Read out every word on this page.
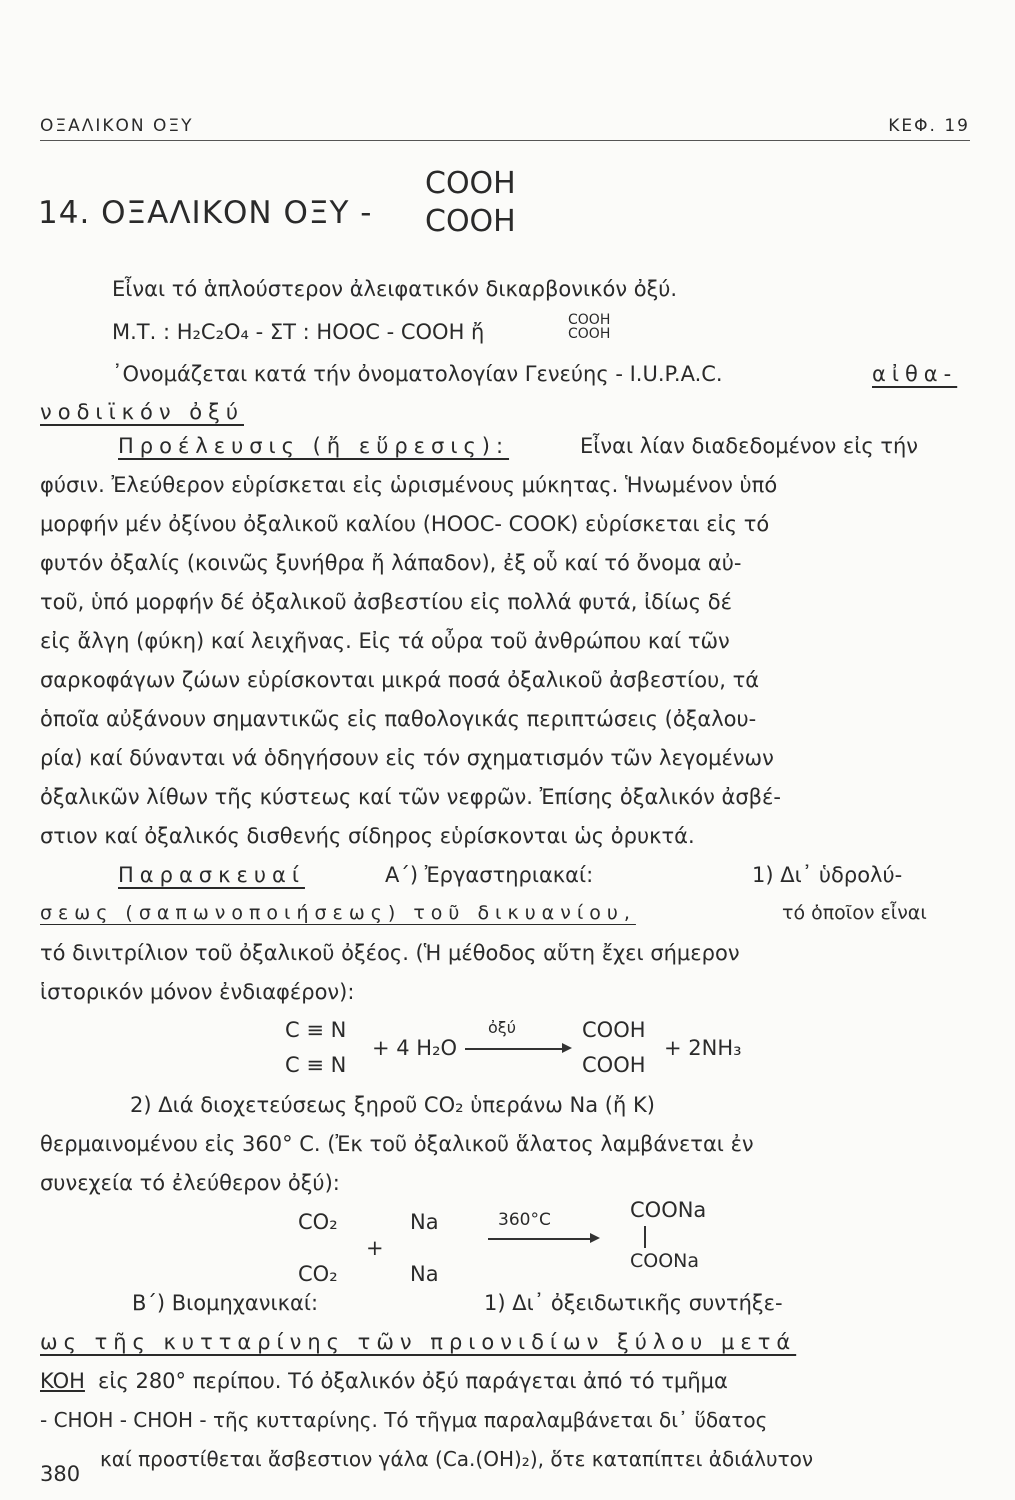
ΟΞΑΛΙΚΟΝ ΟΞΥ	ΚΕΦ. 19
14. ΟΞΑΛΙΚΟΝ ΟΞΥ -
COOH
COOH
Εἶναι τό ἁπλούστερον ἀλειφατικόν δικαρβονικόν ὀξύ.
Μ.Τ. : H₂C₂O₄ - ΣΤ : HOOC - COOH ἤ	COOH
COOH
᾿Ονομάζεται κατά τήν ὀνοματολογίαν Γενεύης - I.U.P.A.C.	αἰθα-
νοδιϊκόν ὀξύ
Προέλευσις (ἤ εὕρεσις):	Εἶναι λίαν διαδεδομένον εἰς τήν
φύσιν. Ἐλεύθερον εὑρίσκεται εἰς ὡρισμένους μύκητας. Ἡνωμένον ὑπό
μορφήν μέν ὀξίνου ὀξαλικοῦ καλίου (HOOC- COOK) εὑρίσκεται εἰς τό
φυτόν ὀξαλίς (κοινῶς ξυνήθρα ἤ λάπαδον), ἐξ οὗ καί τό ὄνομα αὐ-
τοῦ, ὑπό μορφήν δέ ὀξαλικοῦ ἀσβεστίου εἰς πολλά φυτά, ἰδίως δέ
εἰς ἄλγη (φύκη) καί λειχῆνας. Εἰς τά οὖρα τοῦ ἀνθρώπου καί τῶν
σαρκοφάγων ζώων εὑρίσκονται μικρά ποσά ὀξαλικοῦ ἀσβεστίου, τά
ὁποῖα αὐξάνουν σημαντικῶς εἰς παθολογικάς περιπτώσεις (ὀξαλου-
ρία) καί δύνανται νά ὁδηγήσουν εἰς τόν σχηματισμόν τῶν λεγομένων
ὀξαλικῶν λίθων τῆς κύστεως καί τῶν νεφρῶν. Ἐπίσης ὀξαλικόν ἀσβέ-
στιον καί ὀξαλικός δισθενής σίδηρος εὑρίσκονται ὡς ὀρυκτά.
Παρασκευαί	Α´) Ἐργαστηριακαί:	1) Δι᾿ ὑδρολύ-
σεως (σαπωνοποιήσεως) τοῦ δικυανίου,	τό ὁποῖον εἶναι
τό δινιτρίλιον τοῦ ὀξαλικοῦ ὀξέος. (Ἡ μέθοδος αὕτη ἔχει σήμερον
ἱστορικόν μόνον ἐνδιαφέρον):
C ≡ N
C ≡ N
+ 4 H₂O
ὀξύ	COOH
COOH
+ 2NH₃
2) Διά διοχετεύσεως ξηροῦ CO₂ ὑπεράνω Na (ἤ K)
θερμαινομένου εἰς 360° C. (Ἐκ τοῦ ὀξαλικοῦ ἅλατος λαμβάνεται ἐν
συνεχεία τό ἐλεύθερον ὀξύ):
CO₂
CO₂
+
Na
Na
360°C	COONa
COONa
Β´) Βιομηχανικαί:	1) Δι᾿ ὀξειδωτικῆς συντήξε-
ως τῆς κυτταρίνης τῶν πριονιδίων ξύλου μετά
KOH εἰς 280° περίπου. Τό ὀξαλικόν ὀξύ παράγεται ἀπό τό τμῆμα
- CHOH - CHOH - τῆς κυτταρίνης. Τό τῆγμα παραλαμβάνεται δι᾿ ὕδατος
καί προστίθεται ἄσβεστιον γάλα (Ca.(OH)₂), ὅτε καταπίπτει ἀδιάλυτον
380
